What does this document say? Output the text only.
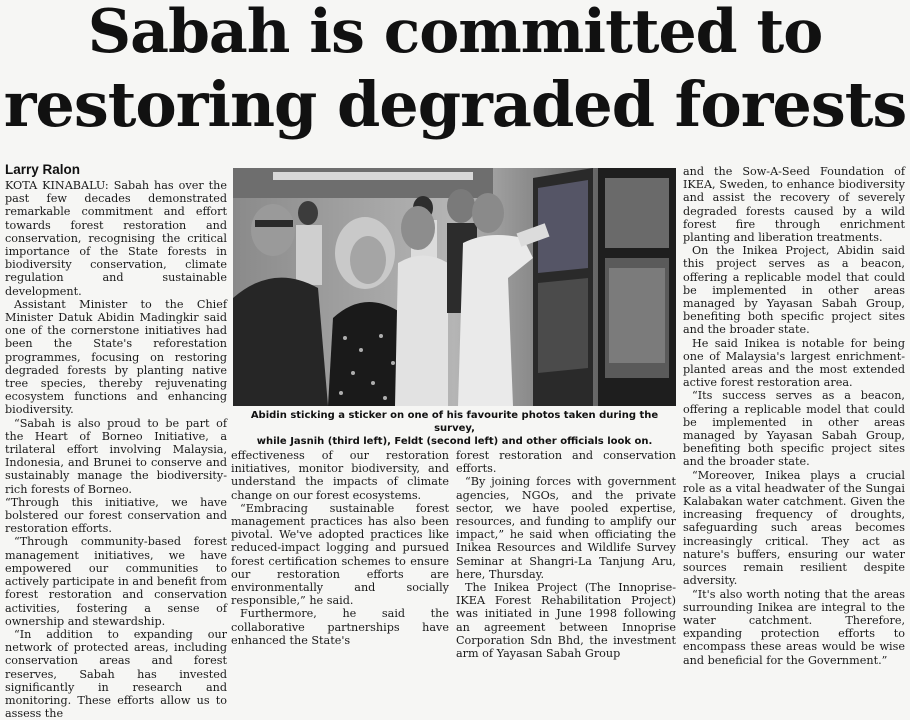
Sabah is committed to
restoring degraded forests
Larry Ralon

KOTA KINABALU: Sabah has over the past few decades demonstrated remarkable commitment and effort towards forest restoration and conservation, recognising the critical importance of the State forests in biodiversity conservation, climate regulation and sustainable development.

Assistant Minister to the Chief Minister Datuk Abidin Madingkir said one of the cornerstone initiatives had been the State's reforestation programmes, focusing on restoring degraded forests by planting native tree species, thereby rejuvenating ecosystem functions and enhancing biodiversity.

“Sabah is also proud to be part of the Heart of Borneo Initiative, a trilateral effort involving Malaysia, Indonesia, and Brunei to conserve and sustainably manage the biodiversity-rich forests of Borneo.

“Through this initiative, we have bolstered our forest conservation and restoration efforts.

“Through community-based forest management initiatives, we have empowered our communities to actively participate in and benefit from forest restoration and conservation activities, fostering a sense of ownership and stewardship.

“In addition to expanding our network of protected areas, including conservation areas and forest reserves, Sabah has invested significantly in research and monitoring. These efforts allow us to assess the

Abidin sticking a sticker on one of his favourite photos taken during the survey,
while Jasnih (third left), Feldt (second left) and other officials look on.

effectiveness of our restoration initiatives, monitor biodiversity, and understand the impacts of climate change on our forest ecosystems.

“Embracing sustainable forest management practices has also been pivotal. We've adopted practices like reduced-impact logging and pursued forest certification schemes to ensure our restoration efforts are environmentally and socially responsible,” he said.

Furthermore, he said the collaborative partnerships have enhanced the State's

forest restoration and conservation efforts.

“By joining forces with government agencies, NGOs, and the private sector, we have pooled expertise, resources, and funding to amplify our impact,” he said when officiating the Inikea Resources and Wildlife Survey Seminar at Shangri-La Tanjung Aru, here, Thursday.

The Inikea Project (The Innoprise-IKEA Forest Rehabilitation Project) was initiated in June 1998 following an agreement between Innoprise Corporation Sdn Bhd, the investment arm of Yayasan Sabah Group

and the Sow-A-Seed Foundation of IKEA, Sweden, to enhance biodiversity and assist the recovery of severely degraded forests caused by a wild forest fire through enrichment planting and liberation treatments.

On the Inikea Project, Abidin said this project serves as a beacon, offering a replicable model that could be implemented in other areas managed by Yayasan Sabah Group, benefiting both specific project sites and the broader state.

He said Inikea is notable for being one of Malaysia's largest enrichment-planted areas and the most extended active forest restoration area.

“Its success serves as a beacon, offering a replicable model that could be implemented in other areas managed by Yayasan Sabah Group, benefiting both specific project sites and the broader state.

“Moreover, Inikea plays a crucial role as a vital headwater of the Sungai Kalabakan water catchment. Given the increasing frequency of droughts, safeguarding such areas becomes increasingly critical. They act as nature's buffers, ensuring our water sources remain resilient despite adversity.

“It's also worth noting that the areas surrounding Inikea are integral to the water catchment. Therefore, expanding protection efforts to encompass these areas would be wise and beneficial for the Government.”
